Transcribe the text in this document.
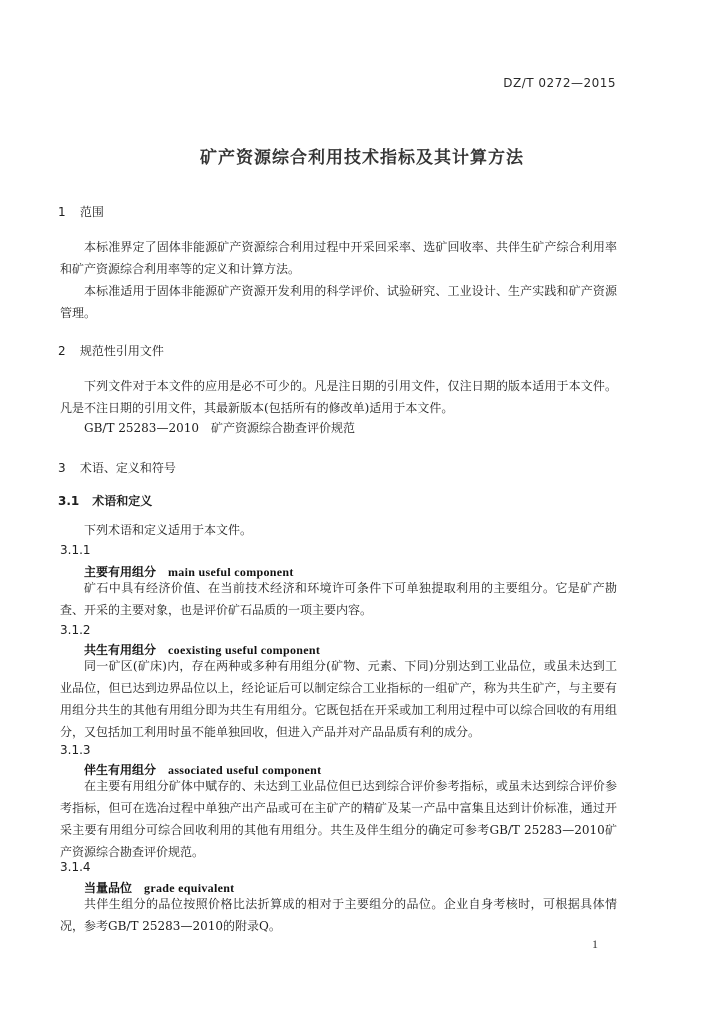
DZ/T 0272—2015
矿产资源综合利用技术指标及其计算方法
1 范围
本标准界定了固体非能源矿产资源综合利用过程中开采回采率、选矿回收率、共伴生矿产综合利用率和矿产资源综合利用率等的定义和计算方法。
本标准适用于固体非能源矿产资源开发利用的科学评价、试验研究、工业设计、生产实践和矿产资源管理。
2 规范性引用文件
下列文件对于本文件的应用是必不可少的。凡是注日期的引用文件，仅注日期的版本适用于本文件。凡是不注日期的引用文件，其最新版本(包括所有的修改单)适用于本文件。
GB/T 25283—2010　矿产资源综合勘查评价规范
3 术语、定义和符号
3.1 术语和定义
下列术语和定义适用于本文件。
3.1.1
主要有用组分 main useful component
矿石中具有经济价值、在当前技术经济和环境许可条件下可单独提取利用的主要组分。它是矿产勘查、开采的主要对象，也是评价矿石品质的一项主要内容。
3.1.2
共生有用组分 coexisting useful component
同一矿区(矿床)内，存在两种或多种有用组分(矿物、元素、下同)分别达到工业品位，或虽未达到工业品位，但已达到边界品位以上，经论证后可以制定综合工业指标的一组矿产，称为共生矿产，与主要有用组分共生的其他有用组分即为共生有用组分。它既包括在开采或加工利用过程中可以综合回收的有用组分，又包括加工利用时虽不能单独回收，但进入产品并对产品品质有利的成分。
3.1.3
伴生有用组分 associated useful component
在主要有用组分矿体中赋存的、未达到工业品位但已达到综合评价参考指标，或虽未达到综合评价参考指标，但可在选冶过程中单独产出产品或可在主矿产的精矿及某一产品中富集且达到计价标准，通过开采主要有用组分可综合回收利用的其他有用组分。共生及伴生组分的确定可参考GB/T 25283—2010矿产资源综合勘查评价规范。
3.1.4
当量品位 grade equivalent
共伴生组分的品位按照价格比法折算成的相对于主要组分的品位。企业自身考核时，可根据具体情况，参考GB/T 25283—2010的附录Q。
1
